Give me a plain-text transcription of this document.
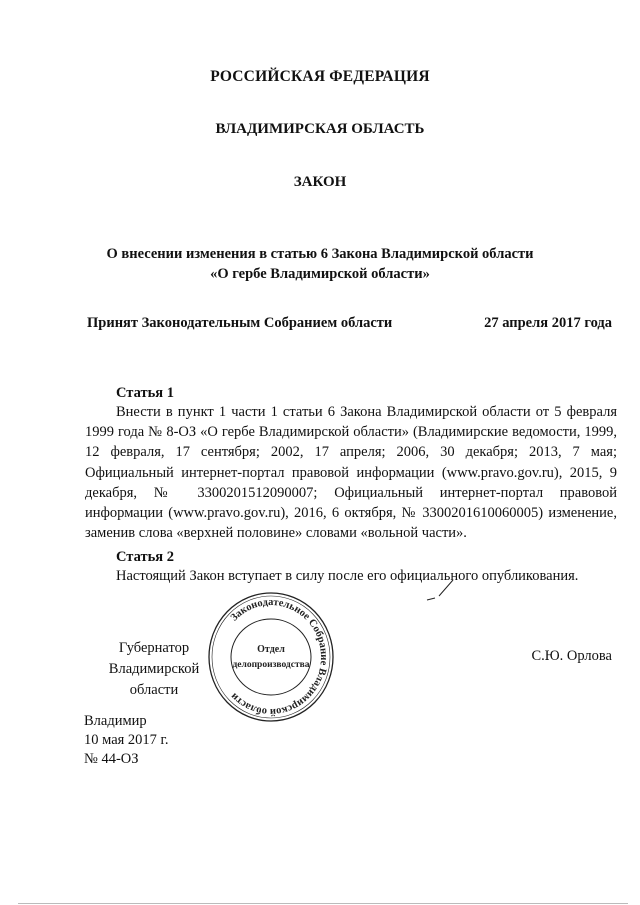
РОССИЙСКАЯ ФЕДЕРАЦИЯ
ВЛАДИМИРСКАЯ ОБЛАСТЬ
ЗАКОН
О внесении изменения в статью 6 Закона Владимирской области
«О гербе Владимирской области»
Принят Законодательным Собранием области	27 апреля 2017 года
Статья 1
Внести в пункт 1 части 1 статьи 6 Закона Владимирской области от 5 февраля 1999 года № 8-ОЗ «О гербе Владимирской области» (Владимирские ведомости, 1999, 12 февраля, 17 сентября; 2002, 17 апреля; 2006, 30 декабря; 2013, 7 мая; Официальный интернет-портал правовой информации (www.pravo.gov.ru), 2015, 9 декабря, № 3300201512090007; Официальный интернет-портал правовой информации (www.pravo.gov.ru), 2016, 6 октября, № 3300201610060005) изменение, заменив слова «верхней половине» словами «вольной части».
Статья 2
Настоящий Закон вступает в силу после его официального опубликования.
Губернатор
Владимирской области
С.Ю. Орлова
Законодательное Собрание Владимирской области
Отдел
делопроизводства
Владимир
10 мая 2017 г.
№ 44-ОЗ
